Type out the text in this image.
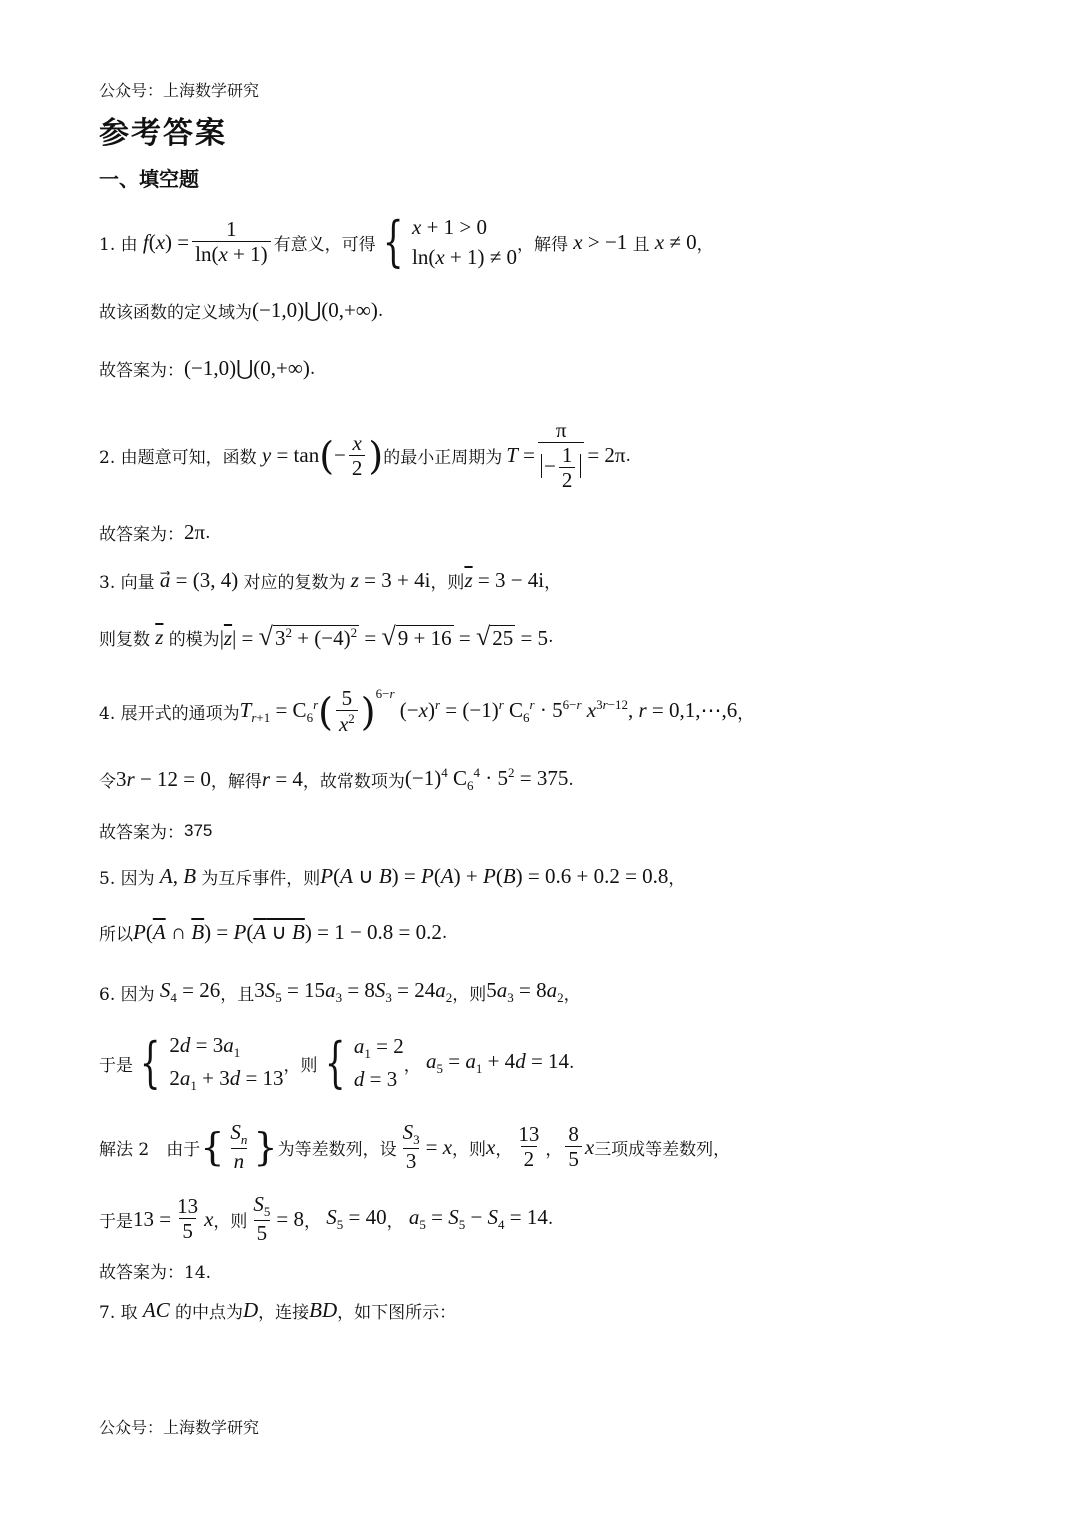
公众号：上海数学研究
参考答案
一、填空题
1. 由 $f(x) = \frac{1}{\ln(x + 1)}$ 有意义，可得 { x + 1 > 0
ln(x + 1) ≠ 0
，解得 x > −1 且 x ≠ 0 ，
故该函数的定义域为 (−1,0)⋃(0,+∞) .
故答案为： (−1,0)⋃(0,+∞) .
2. 由题意可知，函数 y = tan ( − $\frac{x}{2}$ ) 的最小正周期为 $T = \frac{\pi}{- \frac{1}{2}} = 2\pi$ .
故答案为： 2π .
3. 向量 a⃗ = (3, 4) 对应的复数为 z = 3 + 4i ，则 $\overline{z} = 3 - 4i$ ，
则复数 $\overline{z}$ 的模为 $|\overline{z}| = √3^2 + (-4)^2 = √9 + 16 = √25 = 5$ .
4. 展开式的通项为 $T_{r+1} = C_6^r$ ( $\frac{5}{x^2}$ ) $^{6-r}$
$(-x)^r = (-1)^r$ $C_6^r \cdot 5^{6-r}$ $x^{3r-12}$, r = 0,1,⋯,6 ，
令 3r − 12 = 0 ，解得 r = 4 ，故常数项为 $(-1)^4$ $C_6^4 \cdot 5^2 = 375$ .
故答案为： 375
5. 因为 A, B 为互斥事件，则 P(A ∪ B) = P(A) + P(B) = 0.6 + 0.2 = 0.8 ，
所以 $P(\overline{A}$ ∩ $\overline{B}) = P(A$ ∪ B) = 1 − 0.8 = 0.2 .
6. 因为 $S_4 = 26$ ，且 $3S_5 = 15a_3 = 8S_3 = 24a_2$ ，则 $5a_3 = 8a_2$ ，
于是 { $2d = 3a_1$
$2a_1 + 3d = 13$
，则 { $a_1 = 2$
d = 3
， $a_5 = a_1 + 4d = 14$ .
解法 2　由于 { $\frac{S_n}{n}$ } 为等差数列，设 $\frac{S_3}{3} = x$ ，则 x ， $\frac{13}{2}$ ， $\frac{8}{5}$ x 三项成等差数列，
于是 $13 = \frac{13}{5}$ x ，则 $\frac{S_5}{5} = 8$ ， $S_5 = 40$ ， $a_5 = S_5 - S_4 = 14$ .
故答案为：14.
7. 取 AC 的中点为 D ，连接 BD ，如下图所示：
公众号：上海数学研究
